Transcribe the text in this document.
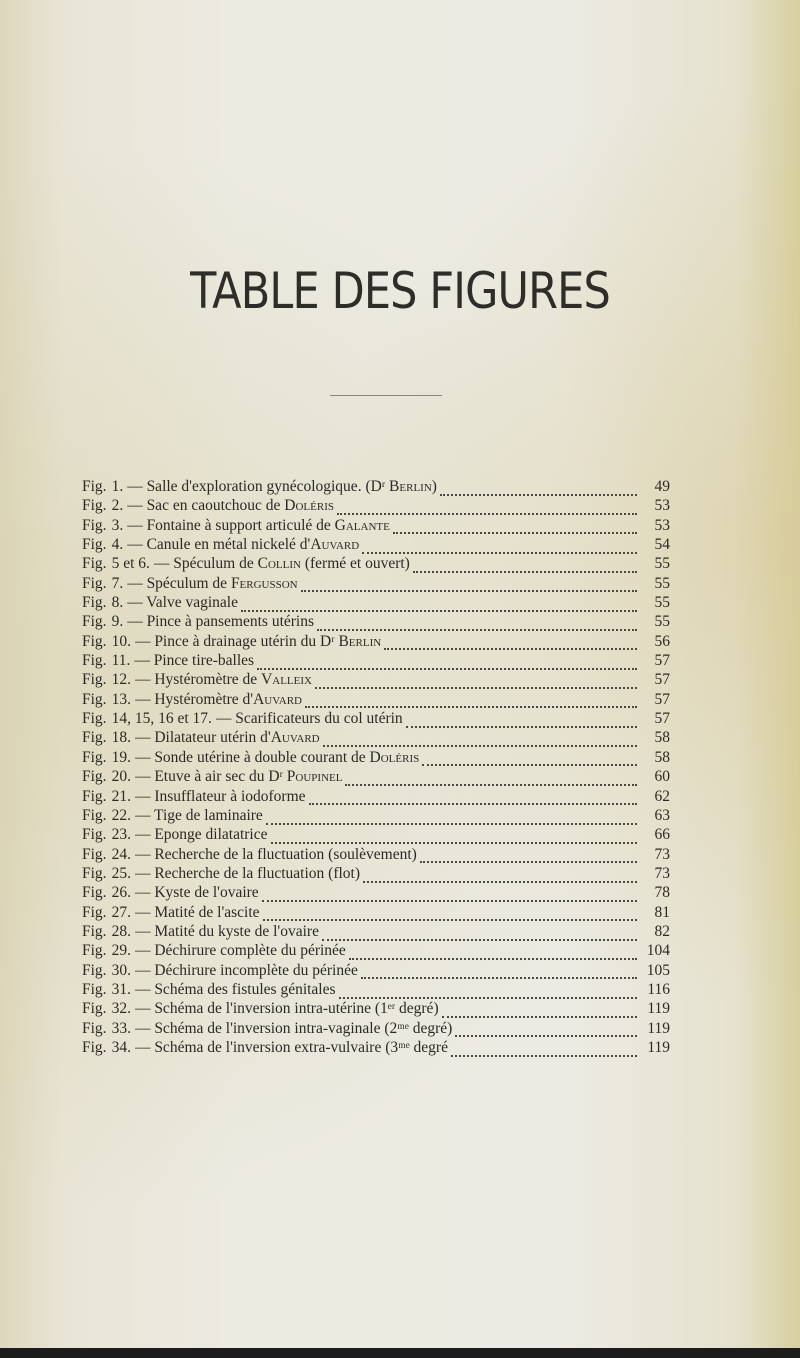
TABLE DES FIGURES
Fig. 1. — Salle d'exploration gynécologique. (Dʳ Berlin)	49
Fig. 2. — Sac en caoutchouc de Doléris	53
Fig. 3. — Fontaine à support articulé de Galante	53
Fig. 4. — Canule en métal nickelé d'Auvard	54
Fig. 5 et 6. — Spéculum de Collin (fermé et ouvert)	55
Fig. 7. — Spéculum de Fergusson	55
Fig. 8. — Valve vaginale	55
Fig. 9. — Pince à pansements utérins	55
Fig. 10. — Pince à drainage utérin du Dʳ Berlin	56
Fig. 11. — Pince tire-balles	57
Fig. 12. — Hystéromètre de Valleix	57
Fig. 13. — Hystéromètre d'Auvard	57
Fig. 14, 15, 16 et 17. — Scarificateurs du col utérin	57
Fig. 18. — Dilatateur utérin d'Auvard	58
Fig. 19. — Sonde utérine à double courant de Doléris	58
Fig. 20. — Etuve à air sec du Dʳ Poupinel	60
Fig. 21. — Insufflateur à iodoforme	62
Fig. 22. — Tige de laminaire	63
Fig. 23. — Eponge dilatatrice	66
Fig. 24. — Recherche de la fluctuation (soulèvement)	73
Fig. 25. — Recherche de la fluctuation (flot)	73
Fig. 26. — Kyste de l'ovaire	78
Fig. 27. — Matité de l'ascite	81
Fig. 28. — Matité du kyste de l'ovaire	82
Fig. 29. — Déchirure complète du périnée	104
Fig. 30. — Déchirure incomplète du périnée	105
Fig. 31. — Schéma des fistules génitales	116
Fig. 32. — Schéma de l'inversion intra-utérine (1ᵉʳ degré)	119
Fig. 33. — Schéma de l'inversion intra-vaginale (2ᵐᵉ degré)	119
Fig. 34. — Schéma de l'inversion extra-vulvaire (3ᵐᵉ degré	119
